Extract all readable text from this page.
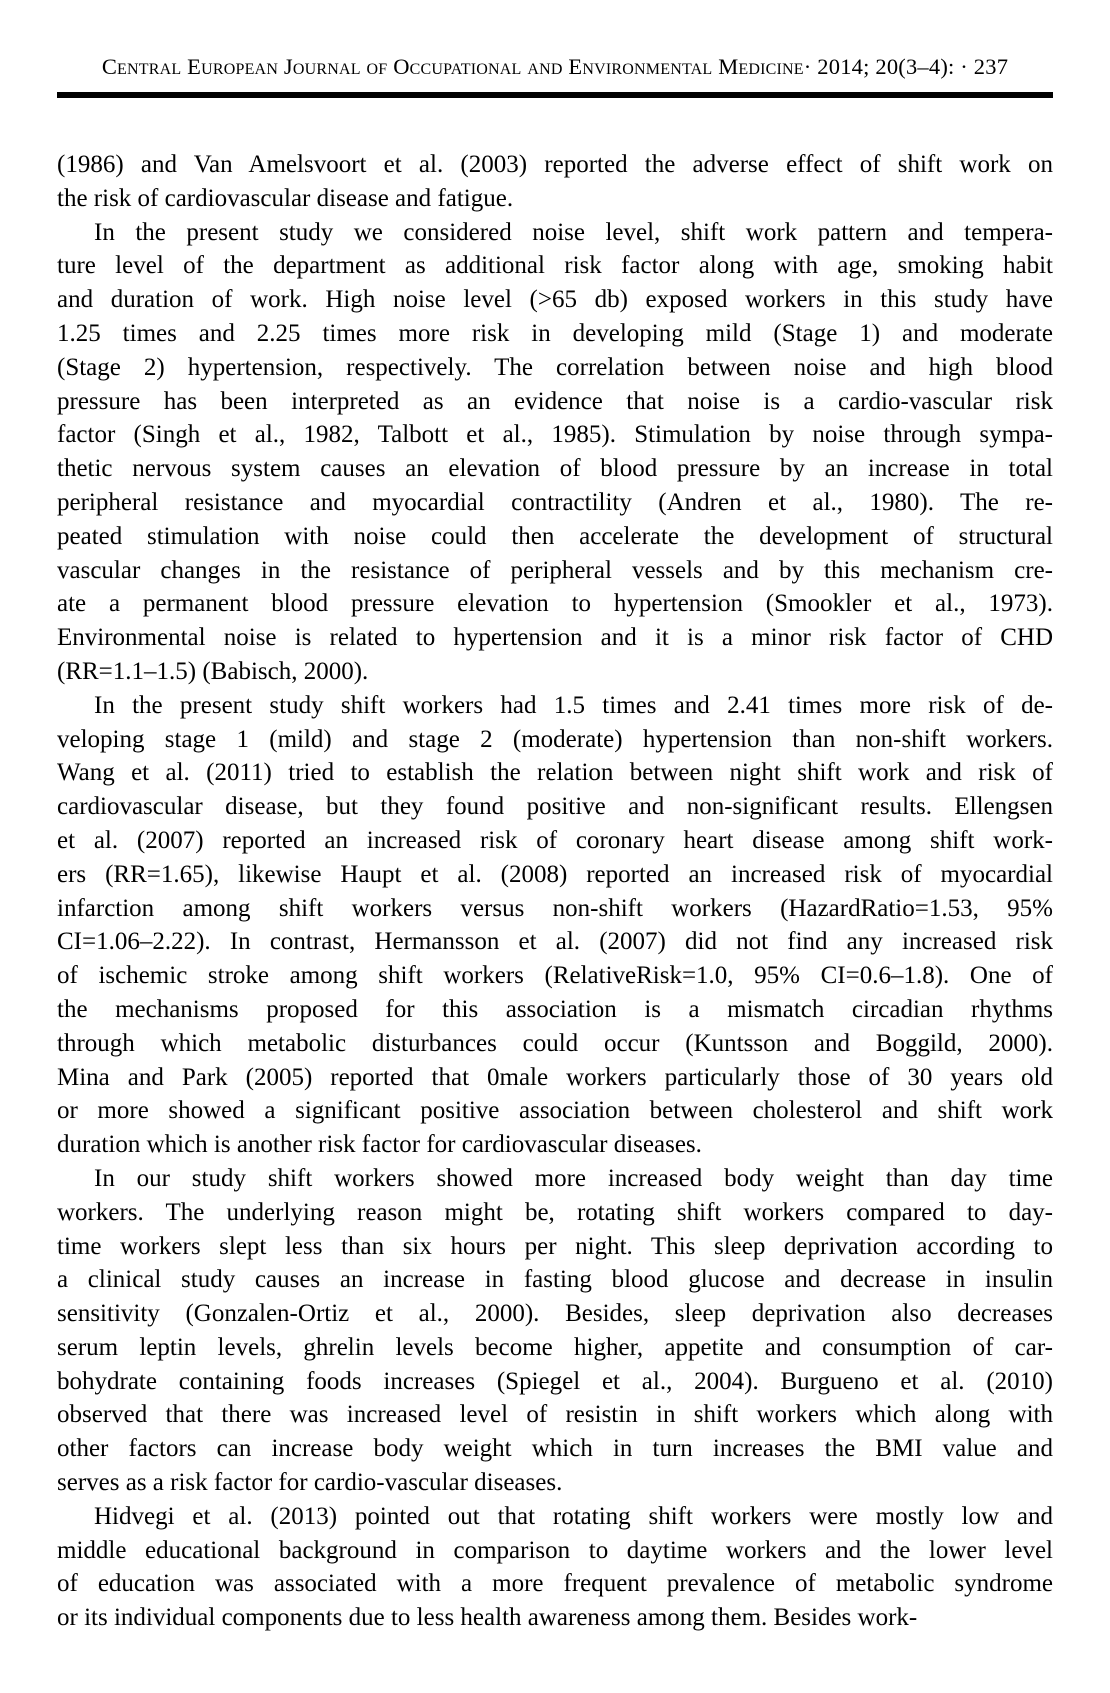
Central European Journal of Occupational and Environmental Medicine· 2014; 20(3–4): · 237
(1986) and Van Amelsvoort et al. (2003) reported the adverse effect of shift work on
the risk of cardiovascular disease and fatigue.
In the present study we considered noise level, shift work pattern and tempera-
ture level of the department as additional risk factor along with age, smoking habit
and duration of work. High noise level (>65 db) exposed workers in this study have
1.25 times and 2.25 times more risk in developing mild (Stage 1) and moderate
(Stage 2) hypertension, respectively. The correlation between noise and high blood
pressure has been interpreted as an evidence that noise is a cardio-vascular risk
factor (Singh et al., 1982, Talbott et al., 1985). Stimulation by noise through sympa-
thetic nervous system causes an elevation of blood pressure by an increase in total
peripheral resistance and myocardial contractility (Andren et al., 1980). The re-
peated stimulation with noise could then accelerate the development of structural
vascular changes in the resistance of peripheral vessels and by this mechanism cre-
ate a permanent blood pressure elevation to hypertension (Smookler et al., 1973).
Environmental noise is related to hypertension and it is a minor risk factor of CHD
(RR=1.1–1.5) (Babisch, 2000).
In the present study shift workers had 1.5 times and 2.41 times more risk of de-
veloping stage 1 (mild) and stage 2 (moderate) hypertension than non-shift workers.
Wang et al. (2011) tried to establish the relation between night shift work and risk of
cardiovascular disease, but they found positive and non-significant results. Ellengsen
et al. (2007) reported an increased risk of coronary heart disease among shift work-
ers (RR=1.65), likewise Haupt et al. (2008) reported an increased risk of myocardial
infarction among shift workers versus non-shift workers (HazardRatio=1.53, 95%
CI=1.06–2.22). In contrast, Hermansson et al. (2007) did not find any increased risk
of ischemic stroke among shift workers (RelativeRisk=1.0, 95% CI=0.6–1.8). One of
the mechanisms proposed for this association is a mismatch circadian rhythms
through which metabolic disturbances could occur (Kuntsson and Boggild, 2000).
Mina and Park (2005) reported that 0male workers particularly those of 30 years old
or more showed a significant positive association between cholesterol and shift work
duration which is another risk factor for cardiovascular diseases.
In our study shift workers showed more increased body weight than day time
workers. The underlying reason might be, rotating shift workers compared to day-
time workers slept less than six hours per night. This sleep deprivation according to
a clinical study causes an increase in fasting blood glucose and decrease in insulin
sensitivity (Gonzalen-Ortiz et al., 2000). Besides, sleep deprivation also decreases
serum leptin levels, ghrelin levels become higher, appetite and consumption of car-
bohydrate containing foods increases (Spiegel et al., 2004). Burgueno et al. (2010)
observed that there was increased level of resistin in shift workers which along with
other factors can increase body weight which in turn increases the BMI value and
serves as a risk factor for cardio-vascular diseases.
Hidvegi et al. (2013) pointed out that rotating shift workers were mostly low and
middle educational background in comparison to daytime workers and the lower level
of education was associated with a more frequent prevalence of metabolic syndrome
or its individual components due to less health awareness among them. Besides work-
